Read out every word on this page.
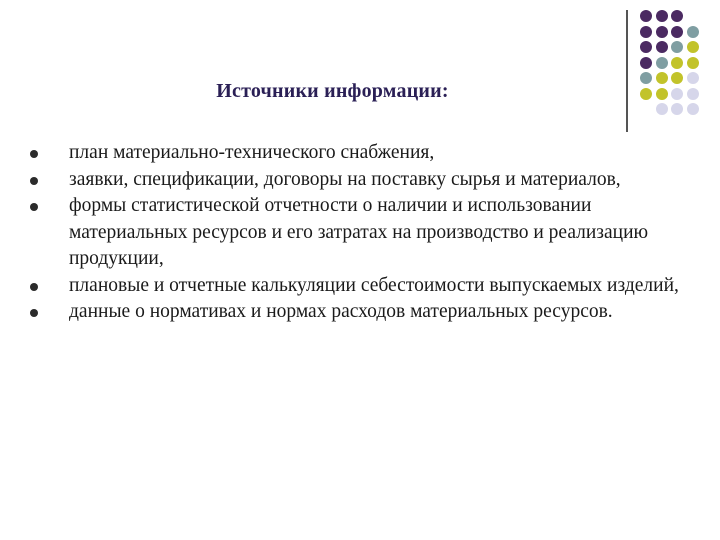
Источники информации:
план материально-технического снабжения,
заявки, спецификации, договоры на поставку сырья и материалов,
формы статистической отчетности о наличии и использовании материальных ресурсов и его затратах на производство и реализацию продукции,
плановые и отчетные калькуляции себестоимости выпускаемых изделий,
данные о нормативах и нормах расходов материальных ресурсов.
